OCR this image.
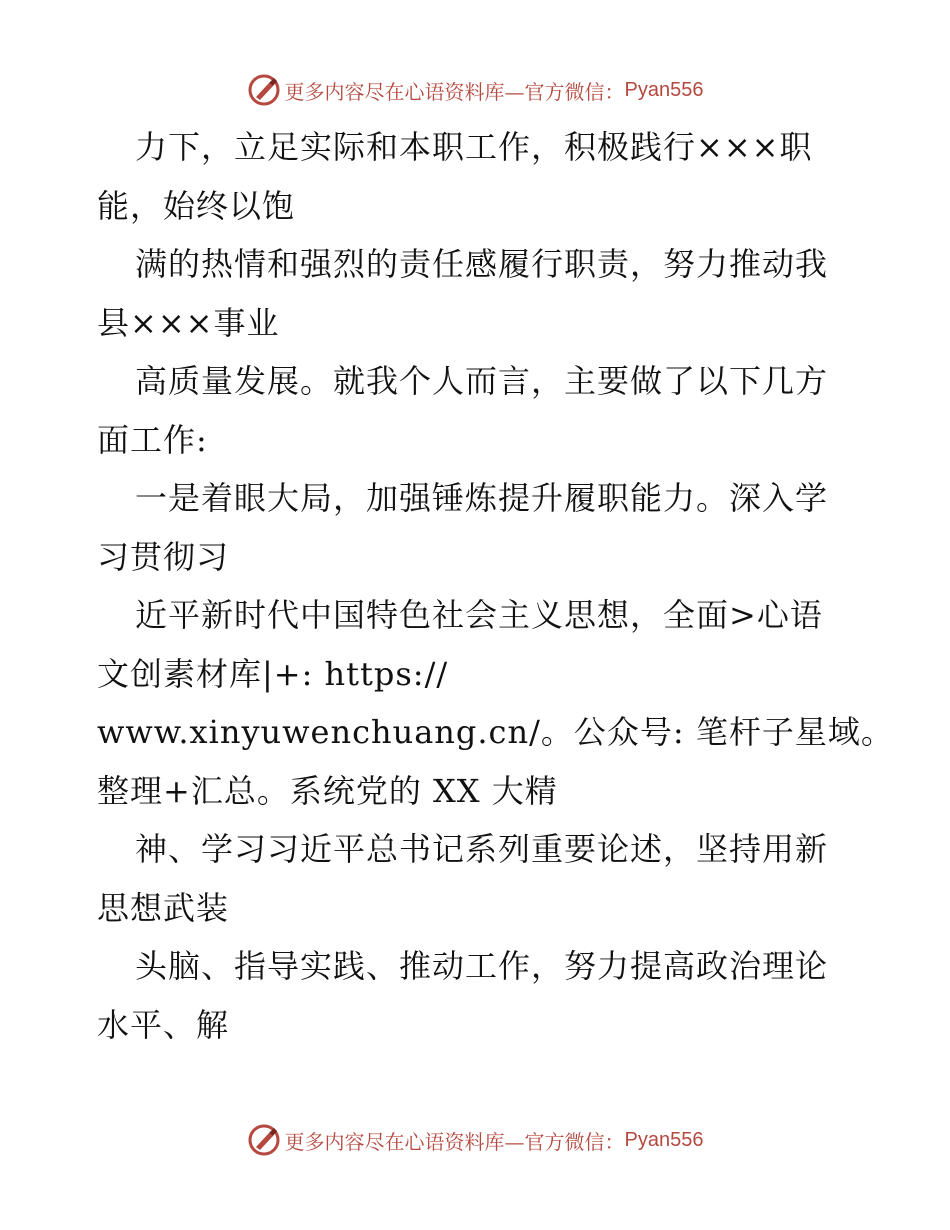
更多内容尽在心语资料库—官方微信： Pyan556
力下，立足实际和本职工作，积极践行×××职
能，始终以饱
满的热情和强烈的责任感履行职责，努力推动我
县×××事业
高质量发展。就我个人而言，主要做了以下几方
面工作:
一是着眼大局，加强锤炼提升履职能力。深入学
习贯彻习
近平新时代中国特色社会主义思想，全面>心语
文创素材库|+: https://
www.xinyuwenchuang.cn/。公众号: 笔杆子星域。
整理+汇总。系统党的 XX 大精
神、学习习近平总书记系列重要论述，坚持用新
思想武装
头脑、指导实践、推动工作，努力提高政治理论
水平、解
更多内容尽在心语资料库—官方微信： Pyan556
